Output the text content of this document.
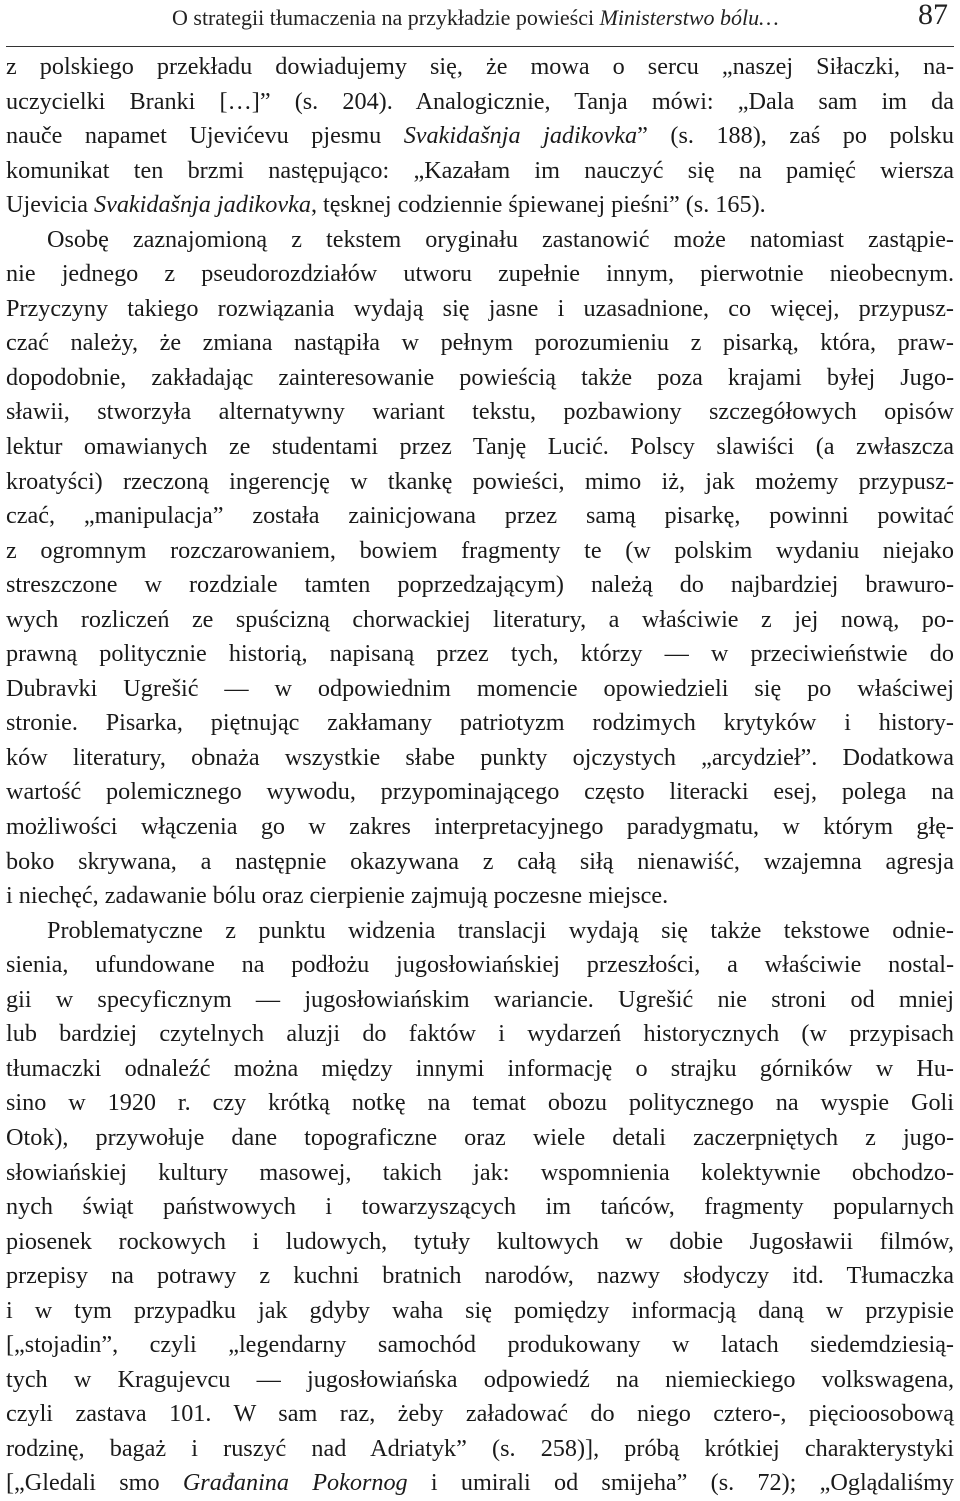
O strategii tłumaczenia na przykładzie powieści Ministerstwo bólu…	87

z polskiego przekładu dowiadujemy się, że mowa o sercu „naszej Siłaczki, na-
uczycielki Branki […]” (s. 204). Analogicznie, Tanja mówi: „Dala sam im da
nauče napamet Ujevićevu pjesmu Svakidašnja jadikovka” (s. 188), zaś po polsku
komunikat ten brzmi następująco: „Kazałam im nauczyć się na pamięć wiersza
Ujevicia Svakidašnja jadikovka, tęsknej codziennie śpiewanej pieśni” (s. 165).

Osobę zaznajomioną z tekstem oryginału zastanowić może natomiast zastąpie-
nie jednego z pseudorozdziałów utworu zupełnie innym, pierwotnie nieobecnym.
Przyczyny takiego rozwiązania wydają się jasne i uzasadnione, co więcej, przypusz-
czać należy, że zmiana nastąpiła w pełnym porozumieniu z pisarką, która, praw-
dopodobnie, zakładając zainteresowanie powieścią także poza krajami byłej Jugo-
sławii, stworzyła alternatywny wariant tekstu, pozbawiony szczegółowych opisów
lektur omawianych ze studentami przez Tanję Lucić. Polscy slawiści (a zwłaszcza
kroatyści) rzeczoną ingerencję w tkankę powieści, mimo iż, jak możemy przypusz-
czać, „manipulacja” została zainicjowana przez samą pisarkę, powinni powitać
z ogromnym rozczarowaniem, bowiem fragmenty te (w polskim wydaniu niejako
streszczone w rozdziale tamten poprzedzającym) należą do najbardziej brawuro-
wych rozliczeń ze spuścizną chorwackiej literatury, a właściwie z jej nową, po-
prawną politycznie historią, napisaną przez tych, którzy — w przeciwieństwie do
Dubravki Ugrešić — w odpowiednim momencie opowiedzieli się po właściwej
stronie. Pisarka, piętnując zakłamany patriotyzm rodzimych krytyków i history-
ków literatury, obnaża wszystkie słabe punkty ojczystych „arcydzieł”. Dodatkowa
wartość polemicznego wywodu, przypominającego często literacki esej, polega na
możliwości włączenia go w zakres interpretacyjnego paradygmatu, w którym głę-
boko skrywana, a następnie okazywana z całą siłą nienawiść, wzajemna agresja
i niechęć, zadawanie bólu oraz cierpienie zajmują poczesne miejsce.

Problematyczne z punktu widzenia translacji wydają się także tekstowe odnie-
sienia, ufundowane na podłożu jugosłowiańskiej przeszłości, a właściwie nostal-
gii w specyficznym — jugosłowiańskim wariancie. Ugrešić nie stroni od mniej
lub bardziej czytelnych aluzji do faktów i wydarzeń historycznych (w przypisach
tłumaczki odnaleźć można między innymi informację o strajku górników w Hu-
sino w 1920 r. czy krótką notkę na temat obozu politycznego na wyspie Goli
Otok), przywołuje dane topograficzne oraz wiele detali zaczerpniętych z jugo-
słowiańskiej kultury masowej, takich jak: wspomnienia kolektywnie obchodzo-
nych świąt państwowych i towarzyszących im tańców, fragmenty popularnych
piosenek rockowych i ludowych, tytuły kultowych w dobie Jugosławii filmów,
przepisy na potrawy z kuchni bratnich narodów, nazwy słodyczy itd. Tłumaczka
i w tym przypadku jak gdyby waha się pomiędzy informacją daną w przypisie
[„stojadin”, czyli „legendarny samochód produkowany w latach siedemdziesią-
tych w Kragujevcu — jugosłowiańska odpowiedź na niemieckiego volkswagena,
czyli zastava 101. W sam raz, żeby załadować do niego cztero-, pięcioosobową
rodzinę, bagaż i ruszyć nad Adriatyk” (s. 258)], próbą krótkiej charakterystyki
[„Gledali smo Građanina Pokornog i umirali od smijeha” (s. 72); „Oglądaliśmy
